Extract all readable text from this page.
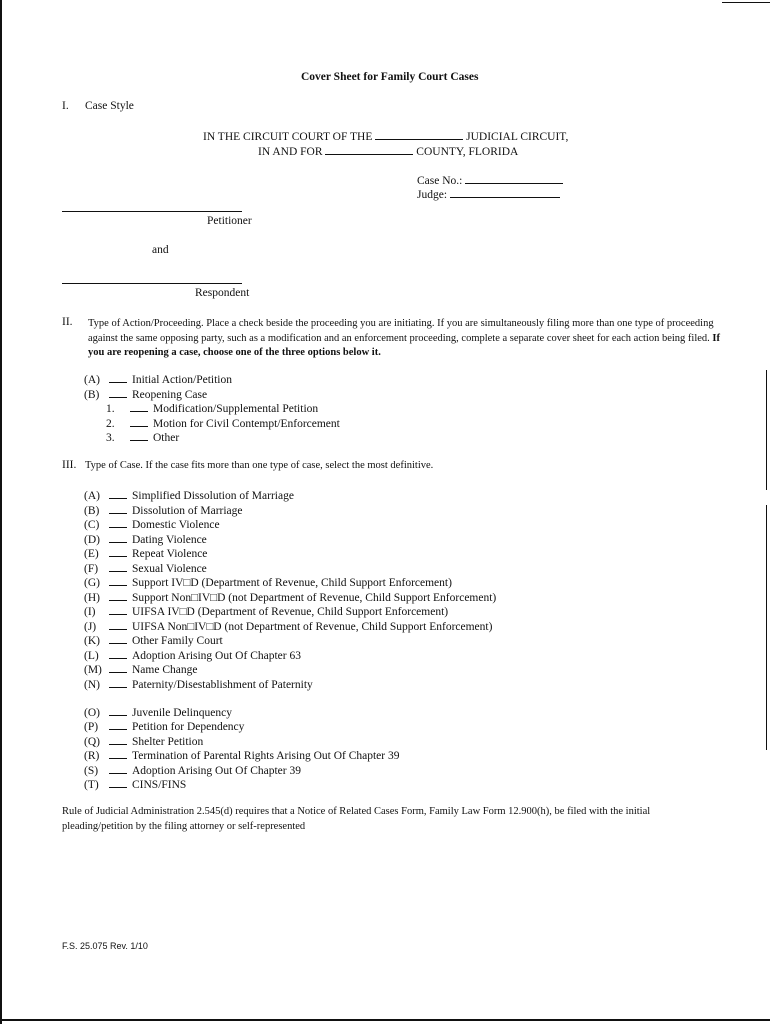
Cover Sheet for Family Court Cases
I. Case Style
IN THE CIRCUIT COURT OF THE	JUDICIAL CIRCUIT,
IN AND FOR	COUNTY, FLORIDA
Case No.:
Judge:
Petitioner
and
Respondent
II. Type of Action/Proceeding. Place a check beside the proceeding you are initiating. If you are simultaneously filing more than one type of proceeding against the same opposing party, such as a modification and an enforcement proceeding, complete a separate cover sheet for each action being filed. If you are reopening a case, choose one of the three options below it.
(A)	Initial Action/Petition
(B)	Reopening Case
1.	Modification/Supplemental Petition
2.	Motion for Civil Contempt/Enforcement
3.	Other
III. Type of Case. If the case fits more than one type of case, select the most definitive.
(A)	Simplified Dissolution of Marriage
(B)	Dissolution of Marriage
(C)	Domestic Violence
(D)	Dating Violence
(E)	Repeat Violence
(F)	Sexual Violence
(G)	Support IV□D (Department of Revenue, Child Support Enforcement)
(H)	Support Non□IV□D (not Department of Revenue, Child Support Enforcement)
(I)	UIFSA IV□D (Department of Revenue, Child Support Enforcement)
(J)	UIFSA Non□IV□D (not Department of Revenue, Child Support Enforcement)
(K)	Other Family Court
(L)	Adoption Arising Out Of Chapter 63
(M)	Name Change
(N)	Paternity/Disestablishment of Paternity
(O)	Juvenile Delinquency
(P)	Petition for Dependency
(Q)	Shelter Petition
(R)	Termination of Parental Rights Arising Out Of Chapter 39
(S)	Adoption Arising Out Of Chapter 39
(T)	CINS/FINS
Rule of Judicial Administration 2.545(d) requires that a Notice of Related Cases Form, Family Law Form 12.900(h), be filed with the initial pleading/petition by the filing attorney or self-represented
F.S. 25.075 Rev. 1/10
